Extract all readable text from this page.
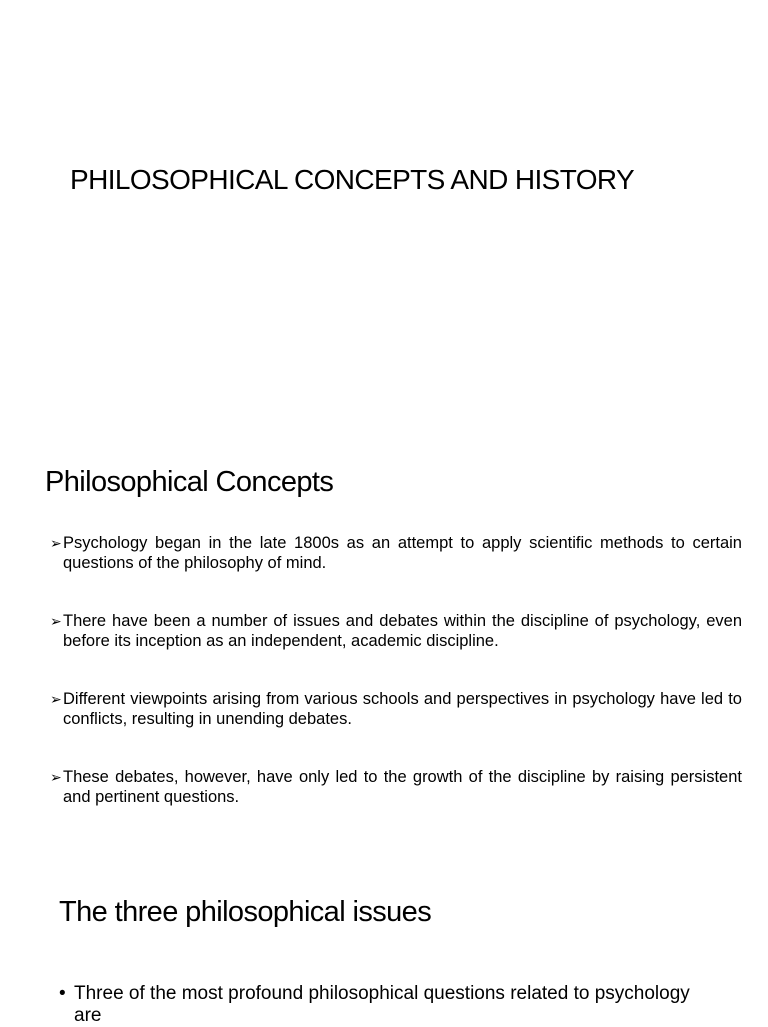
PHILOSOPHICAL CONCEPTS AND HISTORY
Philosophical Concepts
➢ Psychology began in the late 1800s as an attempt to apply scientific methods to certain questions of the philosophy of mind.
➢ There have been a number of issues and debates within the discipline of psychology, even before its inception as an independent, academic discipline.
➢ Different viewpoints arising from various schools and perspectives in psychology have led to conflicts, resulting in unending debates.
➢ These debates, however, have only led to the growth of the discipline by raising persistent and pertinent questions.
The three philosophical issues
• Three of the most profound philosophical questions related to psychology are
